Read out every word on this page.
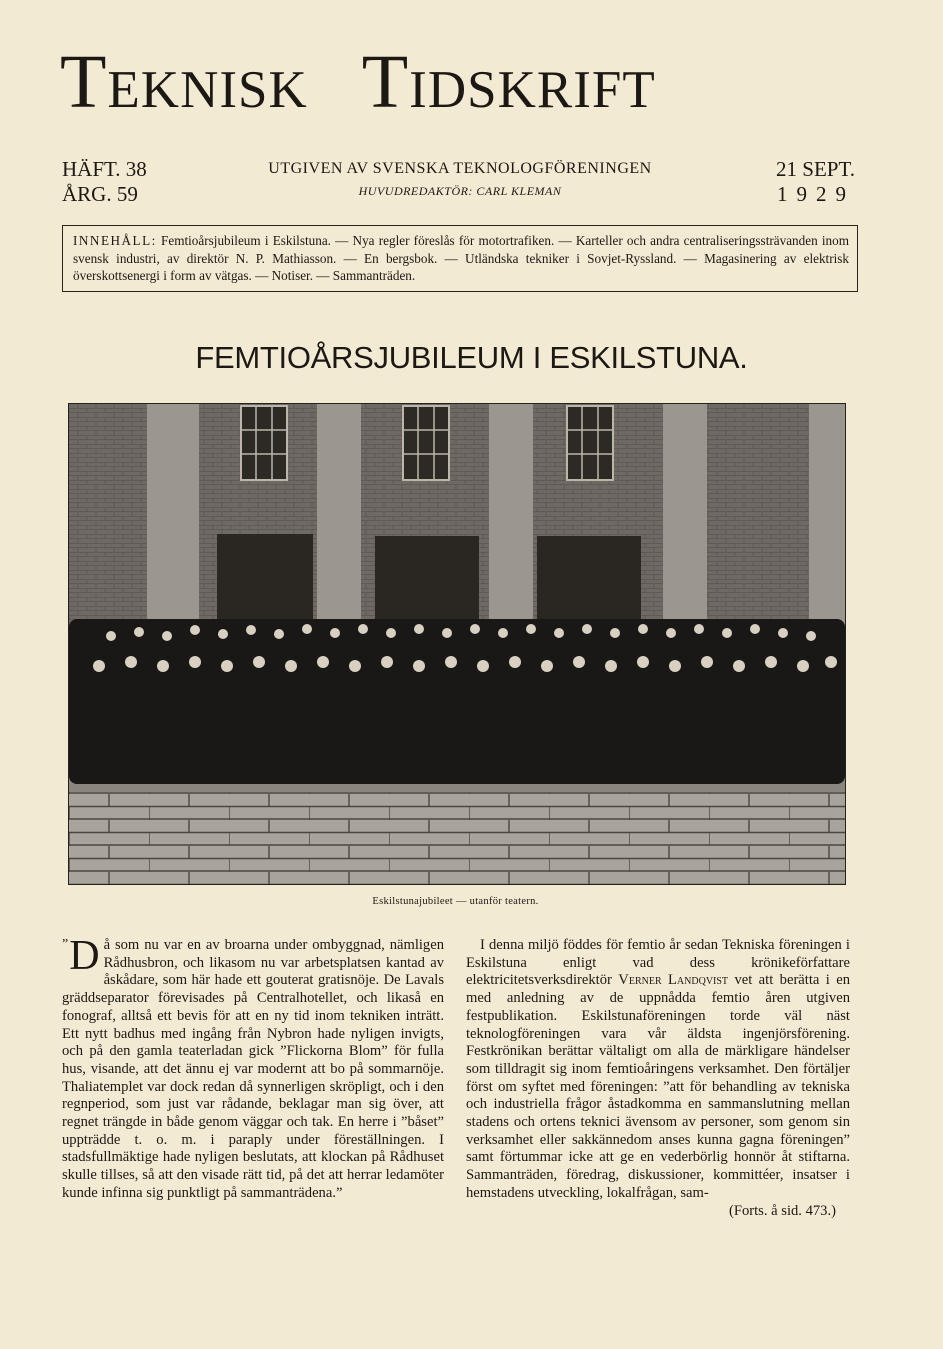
Teknisk Tidskrift
HÄFT. 38
ÅRG. 59
UTGIVEN AV SVENSKA TEKNOLOGFÖRENINGEN
HUVUDREDAKTÖR: CARL KLEMAN
21 SEPT.
1929
INNEHÅLL: Femtioårsjubileum i Eskilstuna. — Nya regler föreslås för motortrafiken. — Karteller och andra centraliseringssträvanden inom svensk industri, av direktör N. P. Mathiasson. — En bergsbok. — Utländska tekniker i Sovjet-Ryssland. — Magasinering av elektrisk överskottsenergi i form av vätgas. — Notiser. — Sammanträden.
FEMTIOÅRSJUBILEUM I ESKILSTUNA.
Eskilstunajubileet — utanför teatern.
” D å som nu var en av broarna under ombyggnad, nämligen Rådhusbron, och likasom nu var arbetsplatsen kantad av åskådare, som här hade ett gouterat gratisnöje. De Lavals gräddseparator förevisades på Centralhotellet, och likaså en fonograf, alltså ett bevis för att en ny tid inom tekniken inträtt. Ett nytt badhus med ingång från Nybron hade nyligen invigts, och på den gamla teaterladan gick ”Flickorna Blom” för fulla hus, visande, att det ännu ej var modernt att bo på sommarnöje. Thaliatemplet var dock redan då synnerligen skröpligt, och i den regnperiod, som just var rådande, beklagar man sig över, att regnet trängde in både genom väggar och tak. En herre i ”båset” uppträdde t. o. m. i paraply under föreställningen. I stadsfullmäktige hade nyligen beslutats, att klockan på Rådhuset skulle tillses, så att den visade rätt tid, på det att herrar ledamöter kunde infinna sig punktligt på sammanträdena.”
I denna miljö föddes för femtio år sedan Tekniska föreningen i Eskilstuna enligt vad dess krönikeförfattare elektricitetsverksdirektör Verner Landqvist vet att berätta i en med anledning av de uppnådda femtio åren utgiven festpublikation. Eskilstunaföreningen torde väl näst teknologföreningen vara vår äldsta ingenjörsförening. Festkrönikan berättar vältaligt om alla de märkligare händelser som tilldragit sig inom femtioåringens verksamhet. Den förtäljer först om syftet med föreningen: ”att för behandling av tekniska och industriella frågor åstadkomma en sammanslutning mellan stadens och ortens teknici ävensom av personer, som genom sin verksamhet eller sakkännedom anses kunna gagna föreningen” samt förtummar icke att ge en vederbörlig honnör åt stiftarna. Sammanträden, föredrag, diskussioner, kommittéer, insatser i hemstadens utveckling, lokalfrågan, sam-
(Forts. å sid. 473.)
